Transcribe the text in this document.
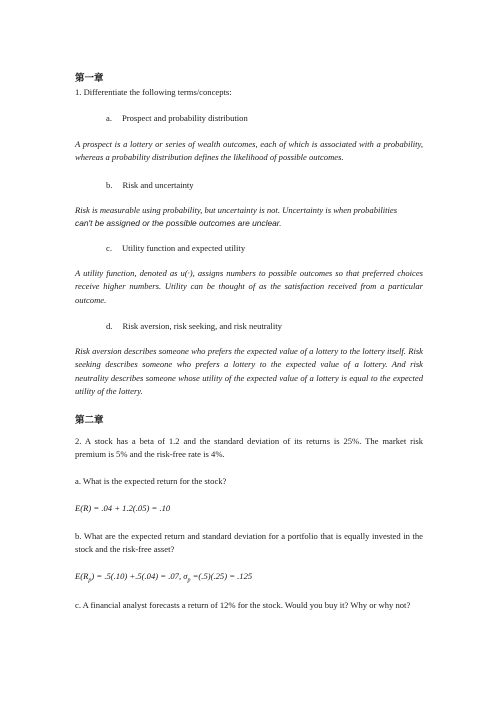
第一章

1. Differentiate the following terms/concepts:

a. Prospect and probability distribution

A prospect is a lottery or series of wealth outcomes, each of which is associated with a probability, whereas a probability distribution defines the likelihood of possible outcomes.

b. Risk and uncertainty

Risk is measurable using probability, but uncertainty is not. Uncertainty is when probabilities

can't be assigned or the possible outcomes are unclear.

c. Utility function and expected utility

A utility function, denoted as u(·), assigns numbers to possible outcomes so that preferred choices receive higher numbers. Utility can be thought of as the satisfaction received from a particular outcome.

d. Risk aversion, risk seeking, and risk neutrality

Risk aversion describes someone who prefers the expected value of a lottery to the lottery itself. Risk seeking describes someone who prefers a lottery to the expected value of a lottery. And risk neutrality describes someone whose utility of the expected value of a lottery is equal to the expected utility of the lottery.

第二章

2. A stock has a beta of 1.2 and the standard deviation of its returns is 25%. The market risk premium is 5% and the risk-free rate is 4%.

a. What is the expected return for the stock?

E(R) = .04 + 1.2(.05) = .10

b. What are the expected return and standard deviation for a portfolio that is equally invested in the stock and the risk-free asset?

$E(R_p) = .5(.10) +.5(.04) = .07$, $\sigma_p =(.5)(.25) = .125$

c. A financial analyst forecasts a return of 12% for the stock. Would you buy it? Why or why not?
